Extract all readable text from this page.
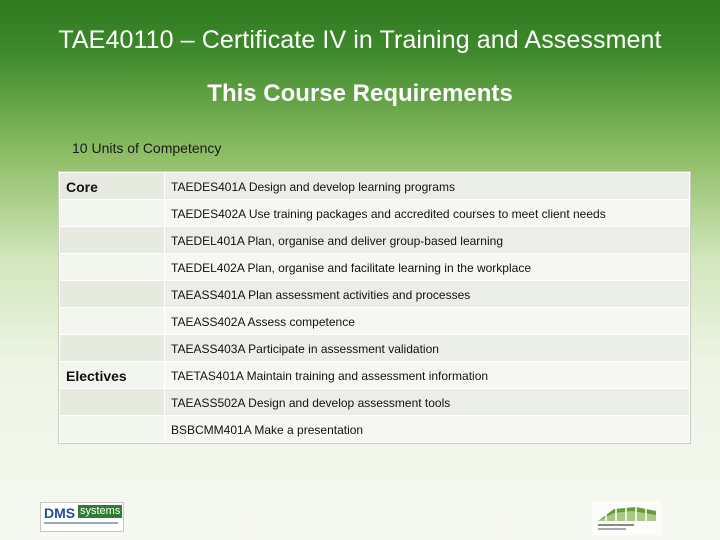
TAE40110 – Certificate IV in Training and Assessment
This Course Requirements
10 Units of Competency
Core	TAEDES401A Design and develop learning programs
	TAEDES402A Use training packages and accredited courses to meet client needs
	TAEDEL401A Plan, organise and deliver group-based learning
	TAEDEL402A Plan, organise and facilitate learning in the workplace
	TAEASS401A Plan assessment activities and processes
	TAEASS402A Assess competence
	TAEASS403A Participate in assessment validation
Electives	TAETAS401A Maintain training and assessment information
	TAEASS502A Design and develop assessment tools
	BSBCMM401A Make a presentation
DMS systems
